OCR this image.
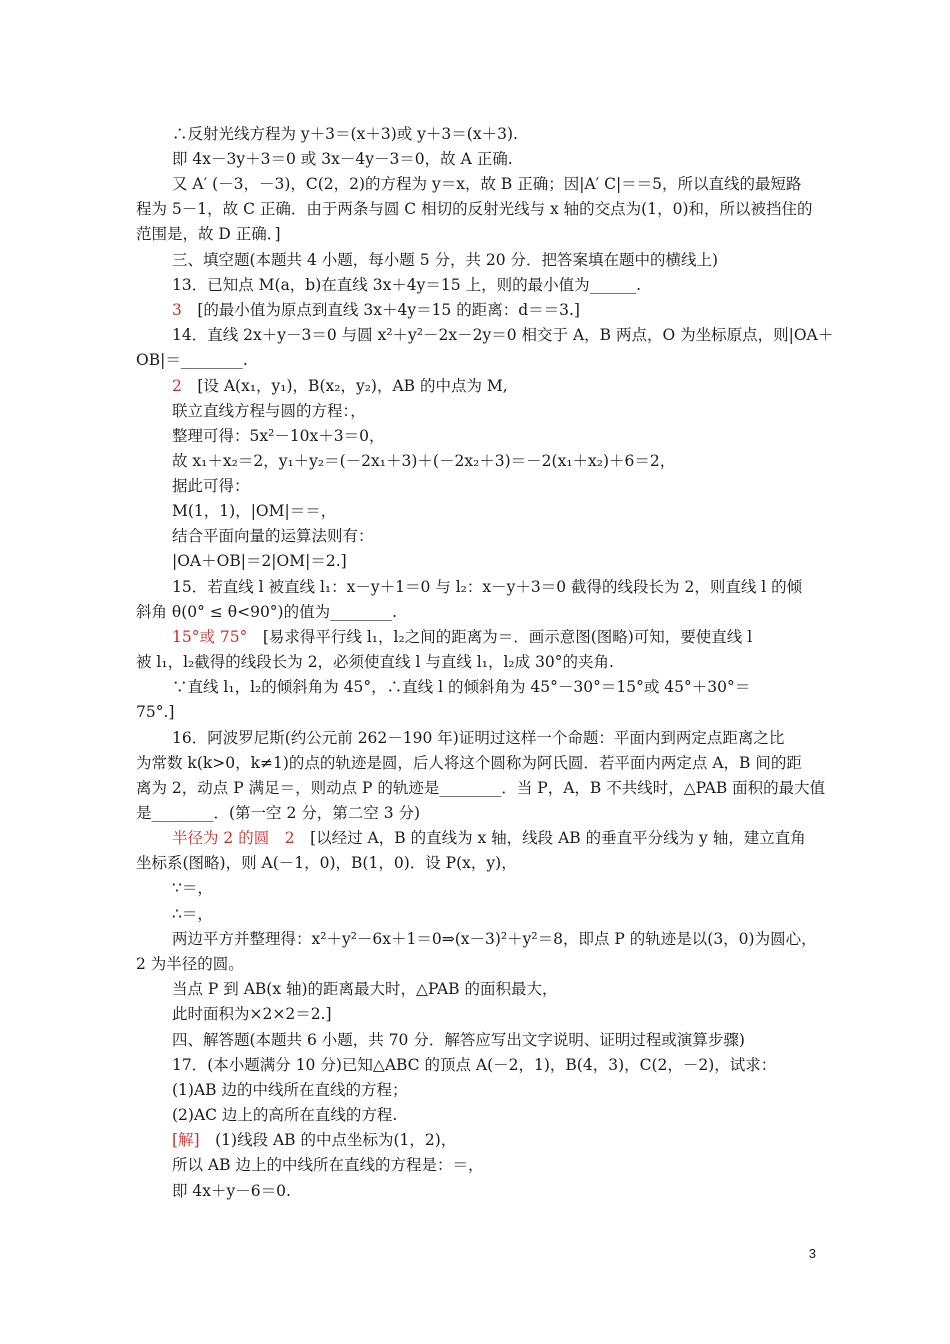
∴反射光线方程为 y＋3＝(x＋3)或 y＋3＝(x＋3).
即 4x－3y＋3＝0 或 3x－4y－3＝0，故 A 正确.
又 A′ (－3，－3)，C(2，2)的方程为 y＝x，故 B 正确；因|A′ C|＝＝5，所以直线的最短路
程为 5－1，故 C 正确．由于两条与圆 C 相切的反射光线与 x 轴的交点为(1，0)和，所以被挡住的
范围是，故 D 正确．]
三、填空题(本题共 4 小题，每小题 5 分，共 20 分．把答案填在题中的横线上)
13．已知点 M(a，b)在直线 3x＋4y＝15 上，则的最小值为______.
3  [的最小值为原点到直线 3x＋4y＝15 的距离：d＝＝3.]
14．直线 2x＋y－3＝0 与圆 x²＋y²－2x－2y＝0 相交于 A，B 两点，O 为坐标原点，则|OA＋
OB|＝________.
2  [设 A(x₁，y₁)，B(x₂，y₂)，AB 的中点为 M,
联立直线方程与圆的方程：，
整理可得：5x²－10x＋3＝0，
故 x₁＋x₂＝2，y₁＋y₂＝(－2x₁＋3)＋(－2x₂＋3)＝－2(x₁＋x₂)＋6＝2，
据此可得：
M(1，1)，|OM|＝＝，
结合平面向量的运算法则有：
|OA＋OB|＝2|OM|＝2.]
15．若直线 l 被直线 l₁：x－y＋1＝0 与 l₂：x－y＋3＝0 截得的线段长为 2，则直线 l 的倾
斜角 θ(0° ≤ θ<90°)的值为________.
15°或 75°  [易求得平行线 l₁，l₂之间的距离为＝．画示意图(图略)可知，要使直线 l
被 l₁，l₂截得的线段长为 2，必须使直线 l 与直线 l₁，l₂成 30°的夹角.
∵直线 l₁，l₂的倾斜角为 45°，∴直线 l 的倾斜角为 45°－30°＝15°或 45°＋30°＝
75°.]
16．阿波罗尼斯(约公元前 262－190 年)证明过这样一个命题：平面内到两定点距离之比
为常数 k(k>0，k≠1)的点的轨迹是圆，后人将这个圆称为阿氏圆．若平面内两定点 A，B 间的距
离为 2，动点 P 满足＝，则动点 P 的轨迹是________．当 P，A，B 不共线时，△PAB 面积的最大值
是________．(第一空 2 分，第二空 3 分)
半径为 2 的圆　2  [以经过 A，B 的直线为 x 轴，线段 AB 的垂直平分线为 y 轴，建立直角
坐标系(图略)，则 A(－1，0)，B(1，0)．设 P(x，y)，
∵＝，
∴＝，
两边平方并整理得：x²＋y²－6x＋1＝0⇒(x－3)²＋y²＝8，即点 P 的轨迹是以(3，0)为圆心，
2 为半径的圆。
当点 P 到 AB(x 轴)的距离最大时，△PAB 的面积最大，
此时面积为×2×2＝2.]
四、解答题(本题共 6 小题，共 70 分．解答应写出文字说明、证明过程或演算步骤)
17．(本小题满分 10 分)已知△ABC 的顶点 A(－2，1)，B(4，3)，C(2，－2)，试求：
(1)AB 边的中线所在直线的方程；
(2)AC 边上的高所在直线的方程.
[解]  (1)线段 AB 的中点坐标为(1，2)，
所以 AB 边上的中线所在直线的方程是：＝，
即 4x＋y－6＝0.
3
